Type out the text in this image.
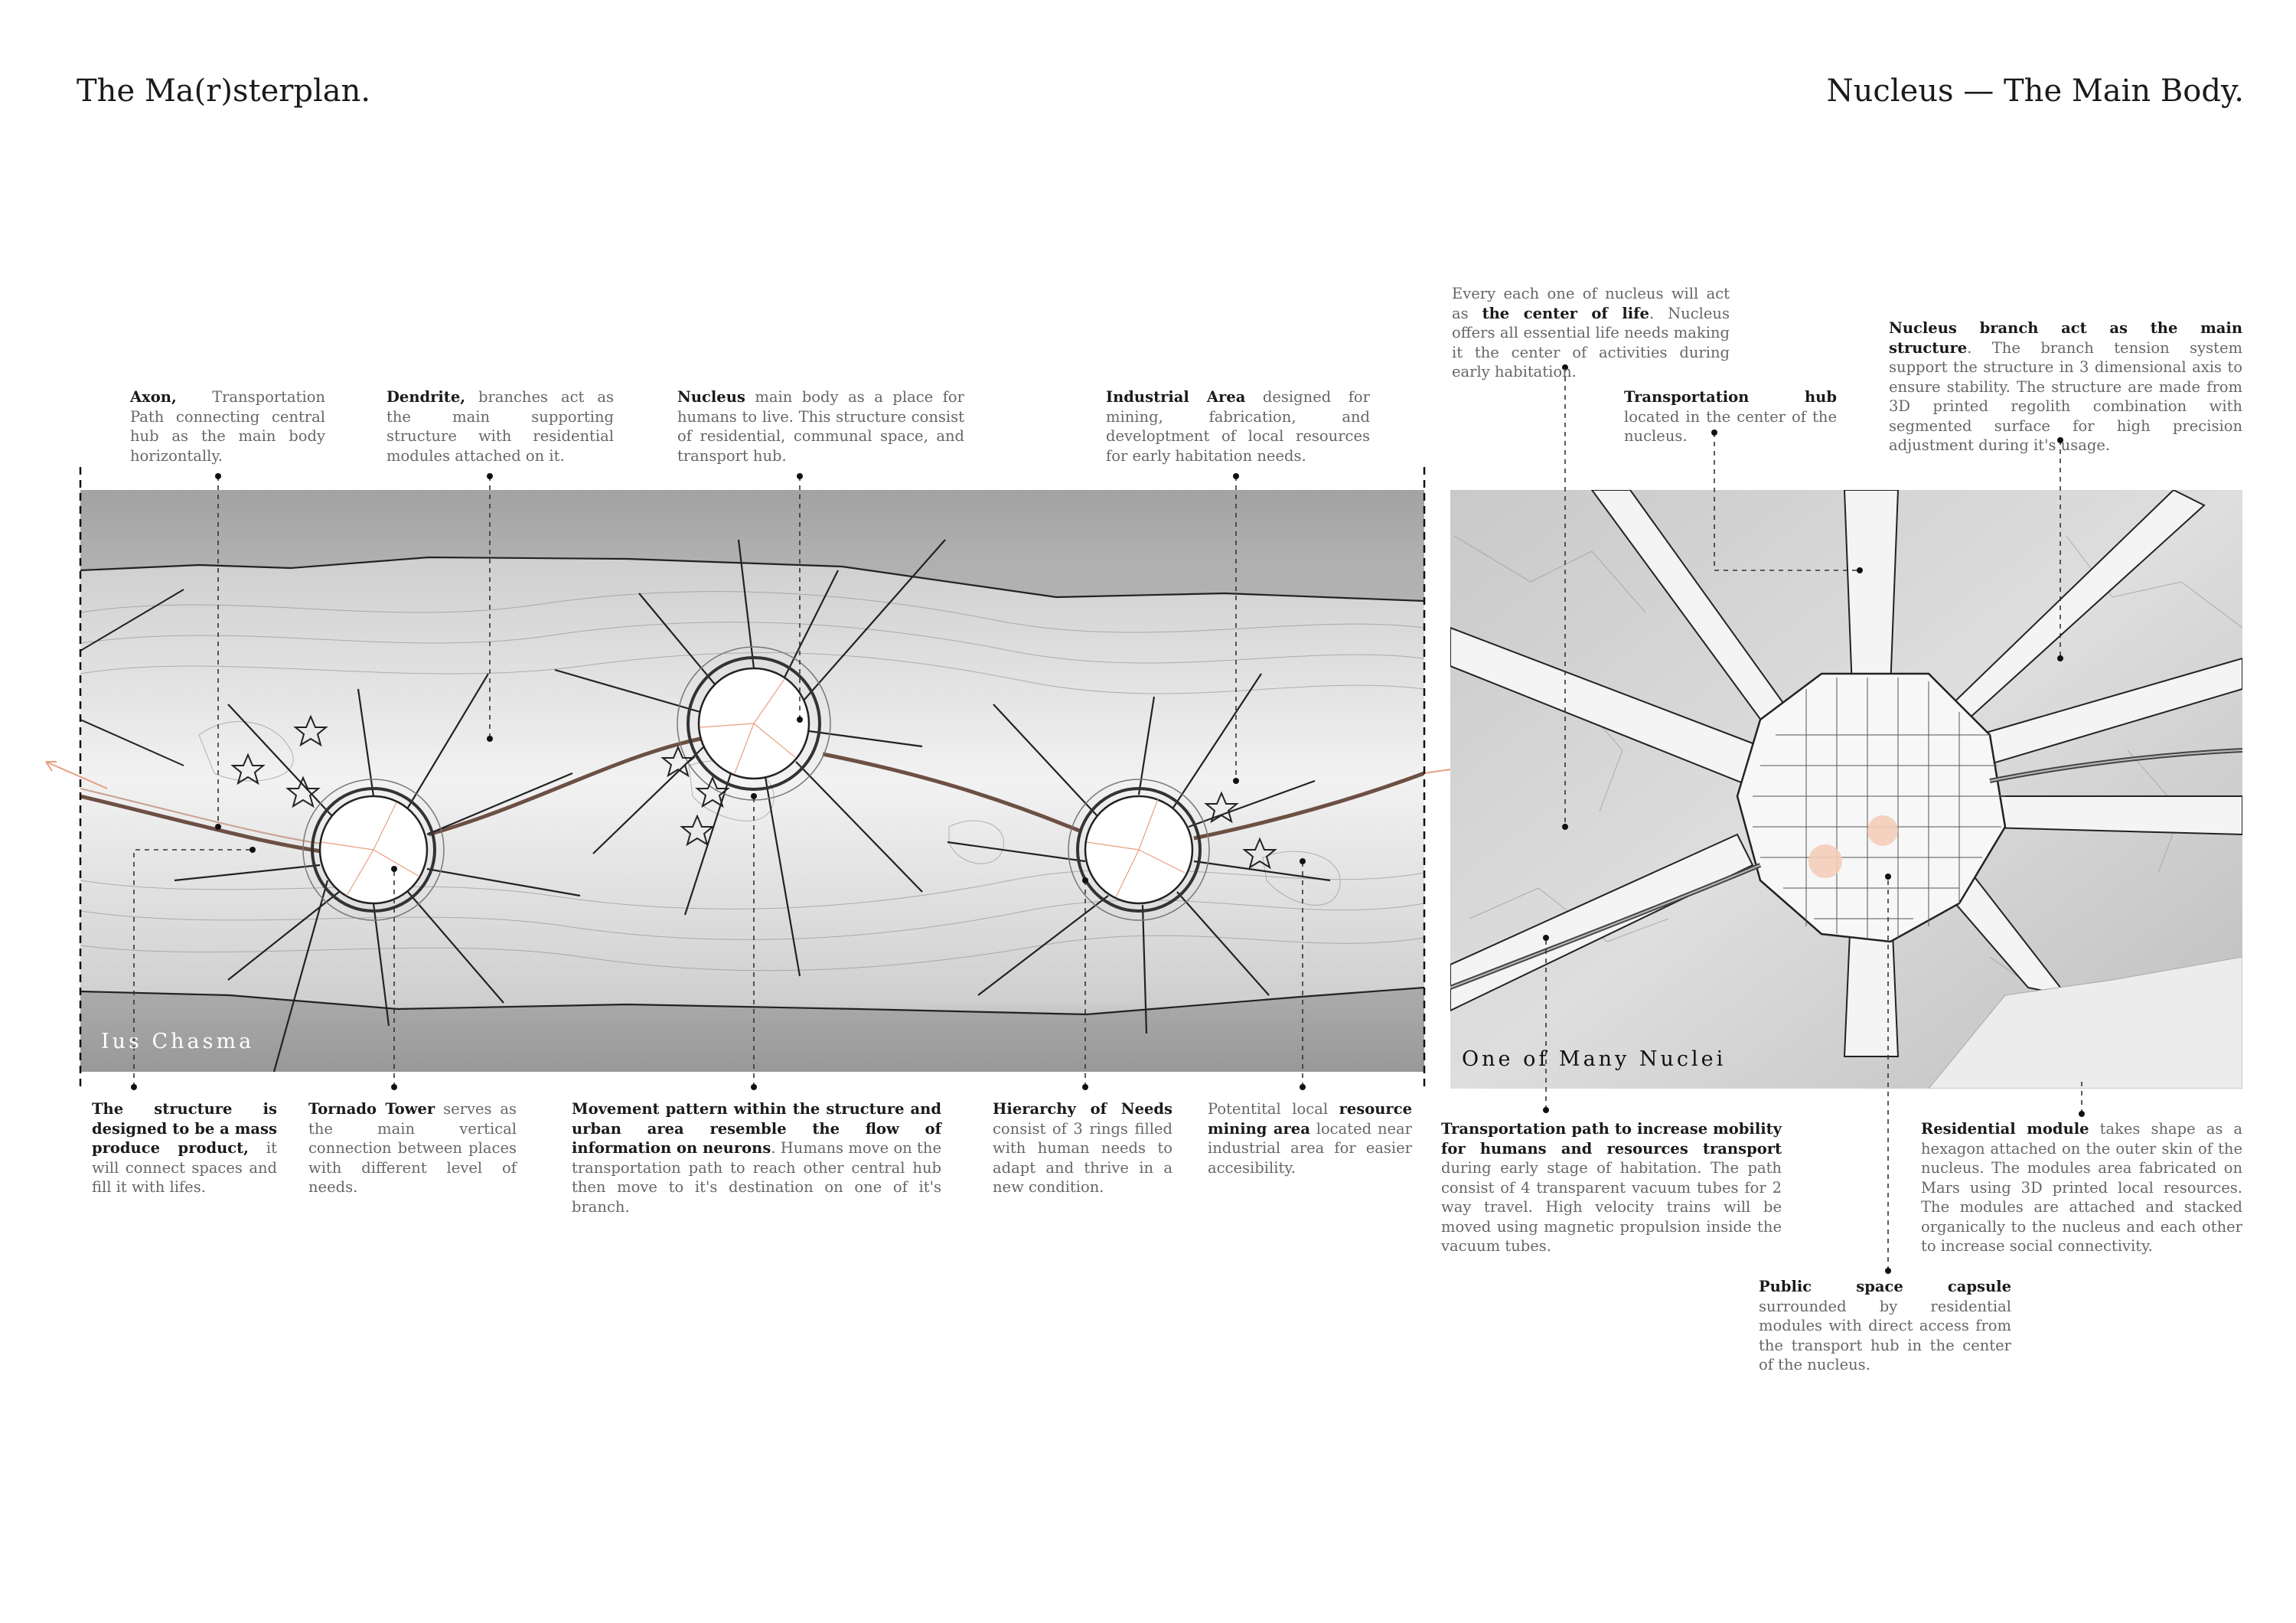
The Ma(r)sterplan.	Nucleus — The Main Body.
Ius Chasma
One of Many Nuclei
Axon, Transportation Path connecting central hub as the main body horizontally.
Dendrite, branches act as the main supporting structure with residential modules attached on it.
Nucleus main body as a place for humans to live. This structure consist of residential, communal space, and transport hub.
Industrial Area designed for mining, fabrication, and developtment of local resources for early habitation needs.
The structure is designed to be a mass produce product, it will connect spaces and fill it with lifes.
Tornado Tower serves as the main vertical connection between places with different level of needs.
Movement pattern within the structure and urban area resemble the flow of information on neurons. Humans move on the transportation path to reach other central hub then move to it's destination on one of it's branch.
Hierarchy of Needs consist of 3 rings filled with human needs to adapt and thrive in a new condition.
Potentital local resource mining area located near industrial area for easier accesibility.
Every each one of nucleus will act as the center of life. Nucleus offers all essential life needs making it the center of activities during early habitation.
Transportation hub located in the center of the nucleus.
Nucleus branch act as the main structure. The branch tension system support the structure in 3 dimensional axis to ensure stability. The structure are made from 3D printed regolith combination with segmented surface for high precision adjustment during it's usage.
Transportation path to increase mobility for humans and resources transport during early stage of habitation. The path consist of 4 transparent vacuum tubes for 2 way travel. High velocity trains will be moved using magnetic propulsion inside the vacuum tubes.
Residential module takes shape as a hexagon attached on the outer skin of the nucleus. The modules area fabricated on Mars using 3D printed local resources. The modules are attached and stacked organically to the nucleus and each other to increase social connectivity.
Public space capsule surrounded by residential modules with direct access from the transport hub in the center of the nucleus.
